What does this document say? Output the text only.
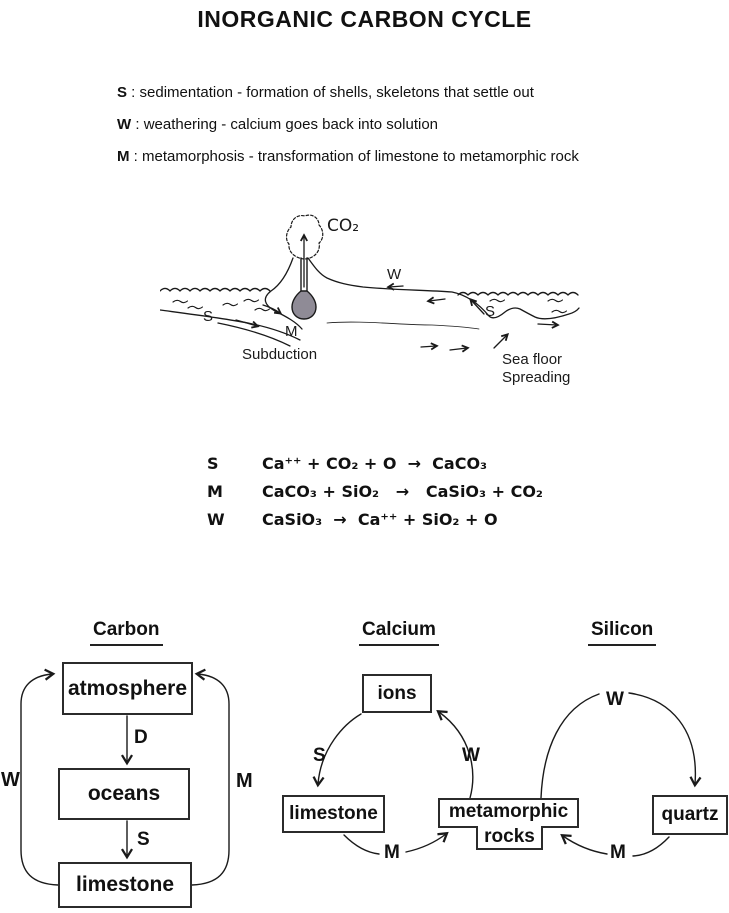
INORGANIC CARBON CYCLE
S : sedimentation - formation of shells, skeletons that settle out
W : weathering - calcium goes back into solution
M : metamorphosis - transformation of limestone to metamorphic rock
CO₂
S
M
Subduction
W
S
Sea floor
Spreading
S	Ca⁺⁺ + CO₂ + O  →  CaCO₃
M CaCO₃ + SiO₂   →   CaSiO₃ + CO₂
W CaSiO₃  →  Ca⁺⁺ + SiO₂ + O
Carbon	Calcium	Silicon
atmosphere
oceans
limestone
D
S
W	M
ions
limestone
S	W
M
metamorphic
rocks
quartz
W
M
